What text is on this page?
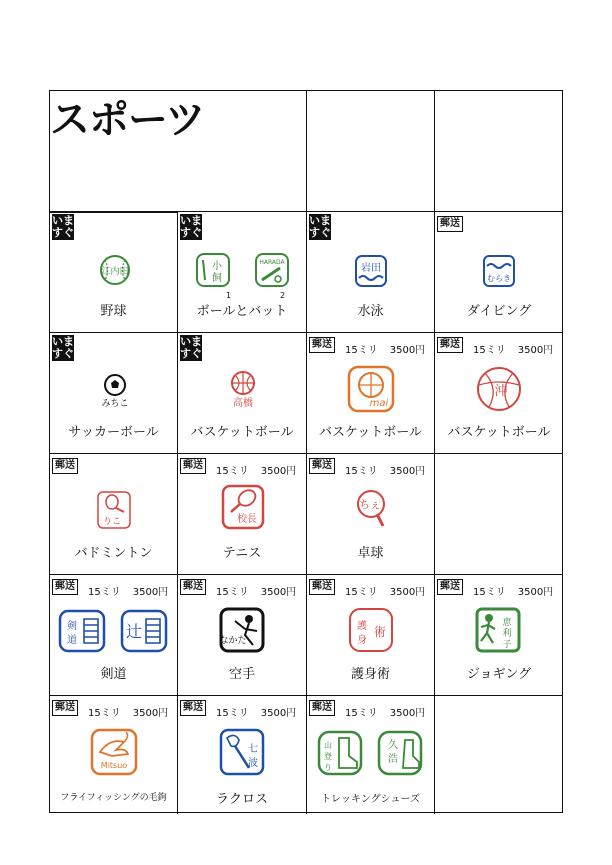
スポーツ
いま
すぐ
江内田
野球
いま
すぐ
小
飼
HARADA
1	2
ボールとバット
いま
すぐ
岩田
水泳
郵送
むらき
ダイビング
いま
すぐ
みちこ
サッカーボール
いま
すぐ
高橋
バスケットボール
郵送
15ミリ 3500円
mai
バスケットボール
郵送
15ミリ 3500円
沖
バスケットボール
郵送
りこ
バドミントン
郵送
15ミリ 3500円
校長
テニス
郵送
15ミリ 3500円
ちぇ
卓球
郵送
15ミリ 3500円
剣
道	辻
剣道
郵送
15ミリ 3500円
なかた
空手
郵送
15ミリ 3500円
護
身
術
護身術
郵送
15ミリ 3500円
恵
利
子
ジョギング
郵送
15ミリ 3500円
Mitsuo
フライフィッシングの毛鉤
郵送
15ミリ 3500円
七
波
ラクロス
郵送
15ミリ 3500円
山
登
り
久
浩
トレッキングシューズ
